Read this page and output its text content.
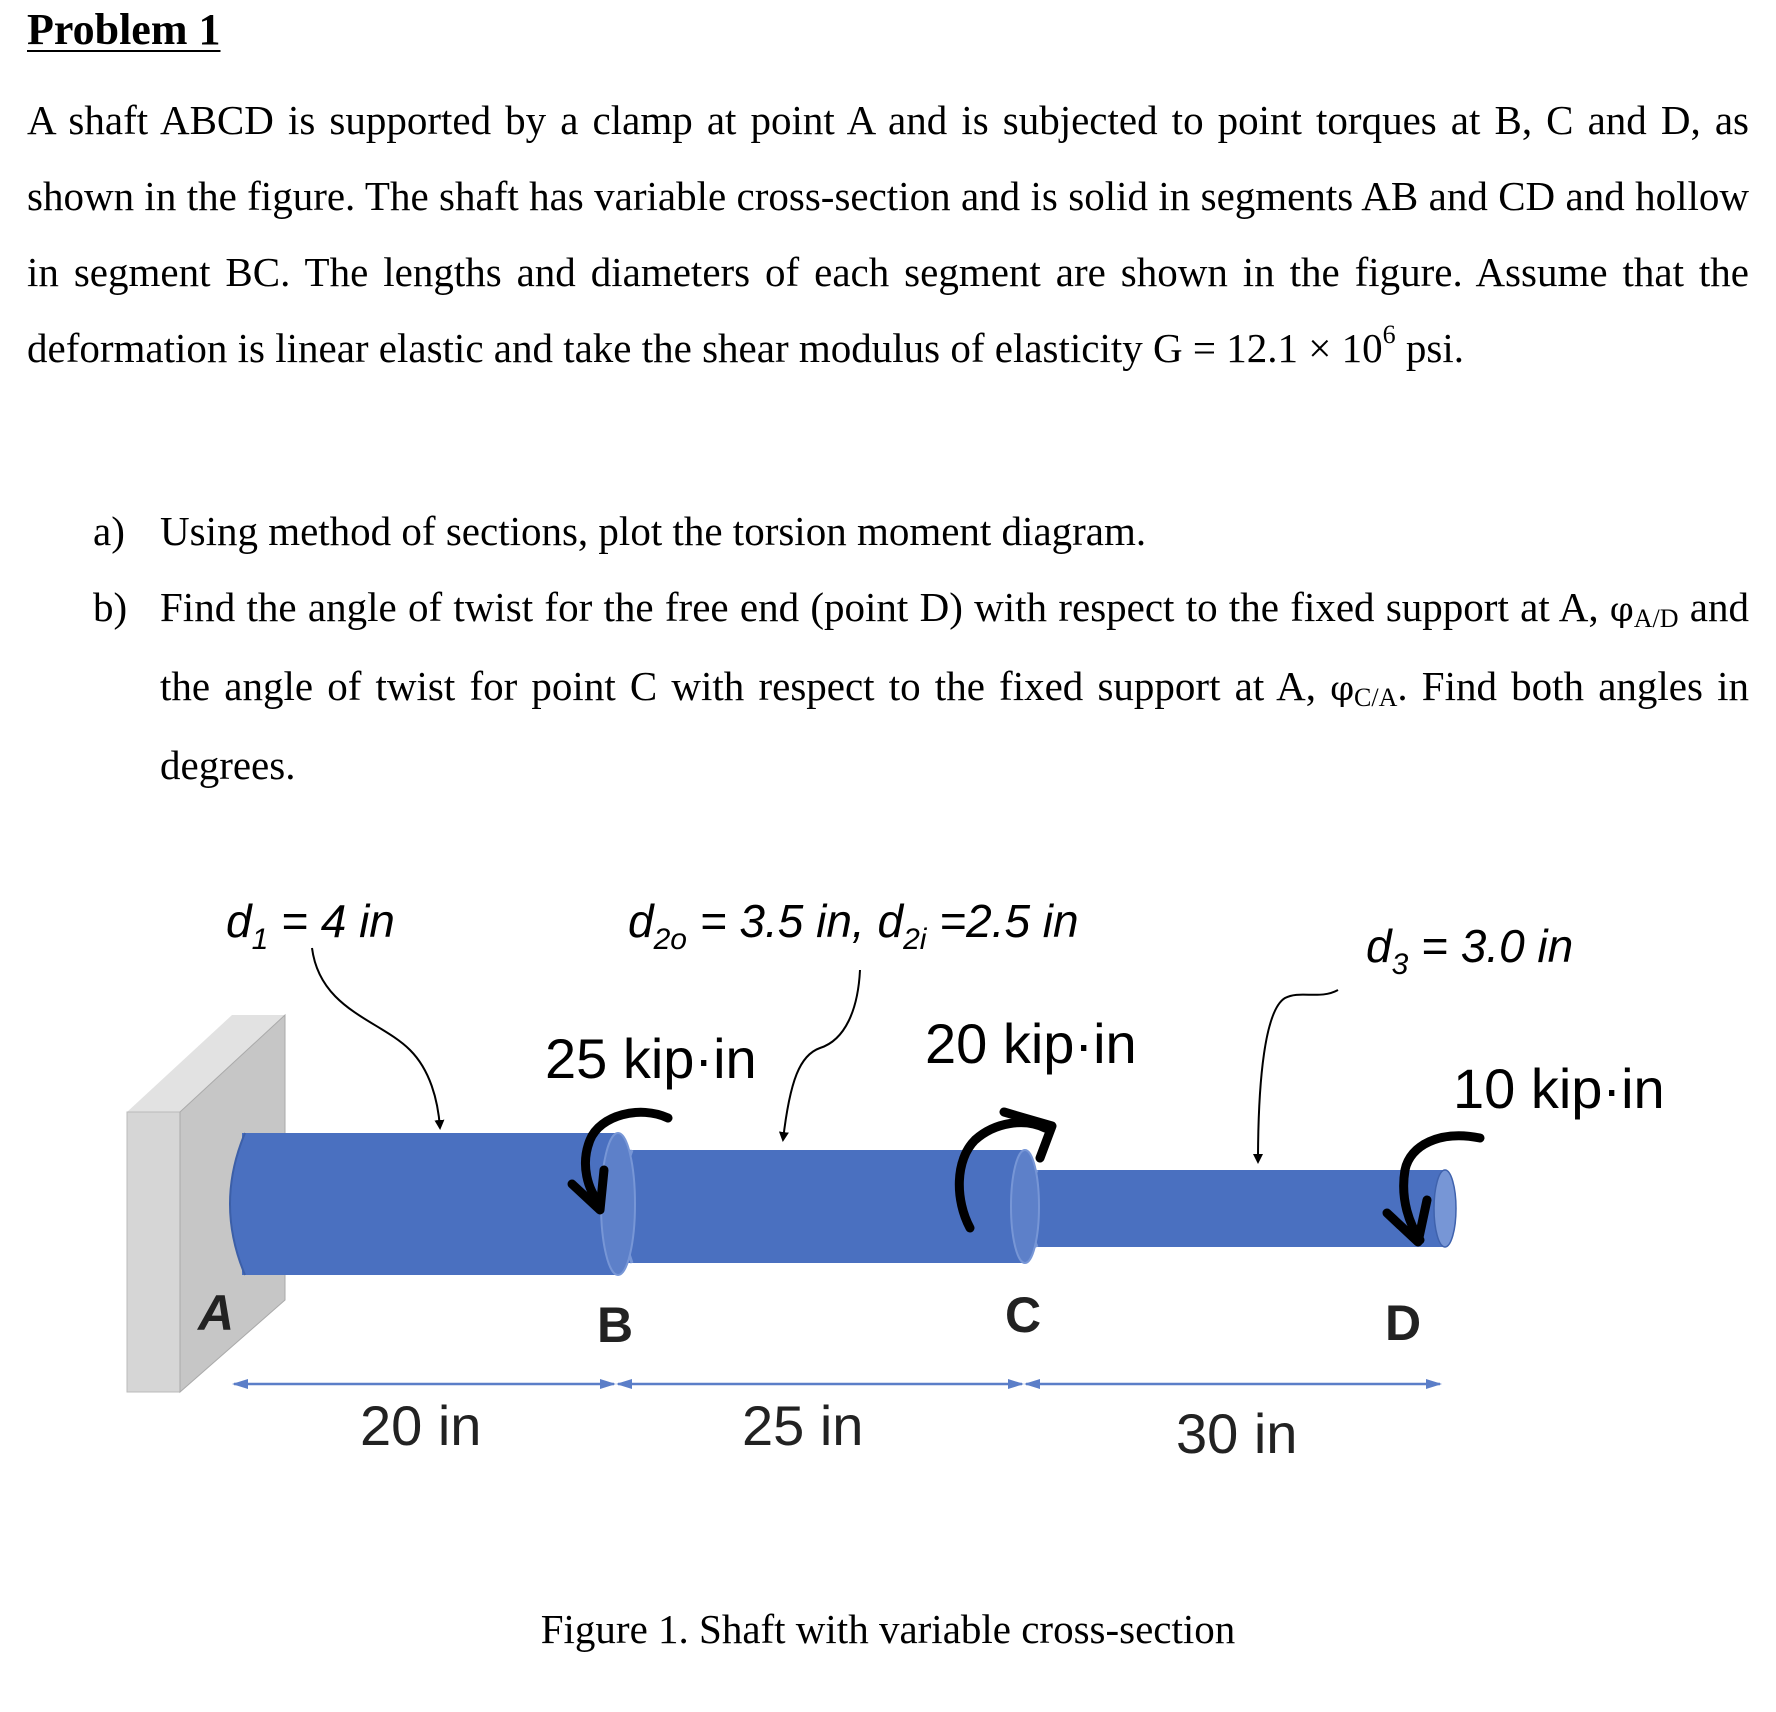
Problem 1

A shaft ABCD is supported by a clamp at point A and is subjected to point torques at B, C and D, as shown in the figure. The shaft has variable cross-section and is solid in segments AB and CD and hollow in segment BC. The lengths and diameters of each segment are shown in the figure. Assume that the deformation is linear elastic and take the shear modulus of elasticity $G = 12.1 \times 10^6$ psi.

a) Using method of sections, plot the torsion moment diagram.
b) Find the angle of twist for the free end (point D) with respect to the fixed support at A, φA/D and the angle of twist for point C with respect to the fixed support at A, φC/A. Find both angles in degrees.
$d_1 = 4$ in	$d_{2o} = 3.5$ in, $d_{2i} =2.5$ in	$d_3 = 3.0$ in
25 kip·in	20 kip·in
10 kip·in
A	B	C	D
20 in	25 in	30 in
Figure 1. Shaft with variable cross-section
